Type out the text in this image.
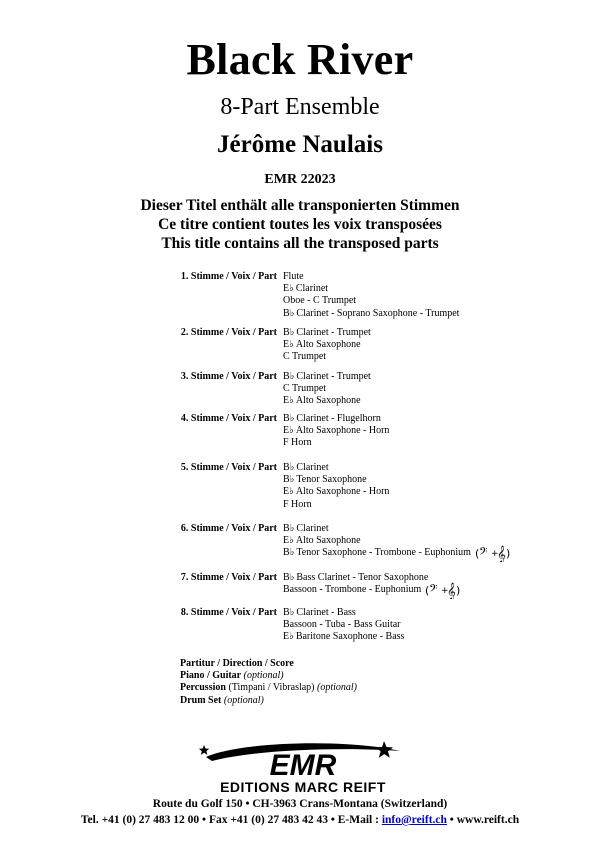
Black River
8-Part Ensemble
Jérôme Naulais
EMR 22023
Dieser Titel enthält alle transponierten Stimmen
Ce titre contient toutes les voix transposées
This title contains all the transposed parts
1. Stimme / Voix / Part Flute
E ♭ Clarinet
Oboe - C Trumpet
B ♭ Clarinet - Soprano Saxophone - Trumpet
2. Stimme / Voix / Part B ♭ Clarinet - Trumpet
E ♭ Alto Saxophone
C Trumpet
3. Stimme / Voix / Part B ♭ Clarinet - Trumpet
C Trumpet
E ♭ Alto Saxophone
4. Stimme / Voix / Part B ♭ Clarinet - Flugelhorn
E ♭ Alto Saxophone - Horn
F Horn
5. Stimme / Voix / Part B ♭ Clarinet
B ♭ Tenor Saxophone
E ♭ Alto Saxophone - Horn
F Horn
6. Stimme / Voix / Part B ♭ Clarinet
E ♭ Alto Saxophone
B ♭ Tenor Saxophone - Trombone - Euphonium ( 𝄢 +
𝄞 )
7. Stimme / Voix / Part B ♭ Bass Clarinet - Tenor Saxophone
Bassoon - Trombone - Euphonium ( 𝄢 +
𝄞 )
8. Stimme / Voix / Part B ♭ Clarinet - Bass
Bassoon - Tuba - Bass Guitar
E ♭ Baritone Saxophone - Bass
Partitur / Direction / Score
Piano / Guitar (optional)
Percussion (Timpani / Vibraslap) (optional)
Drum Set (optional)
EMR
EDITIONS MARC REIFT
Route du Golf 150 • CH-3963 Crans-Montana (Switzerland)
Tel. +41 (0) 27 483 12 00 • Fax +41 (0) 27 483 42 43 • E-Mail : info@reift.ch • www.reift.ch
